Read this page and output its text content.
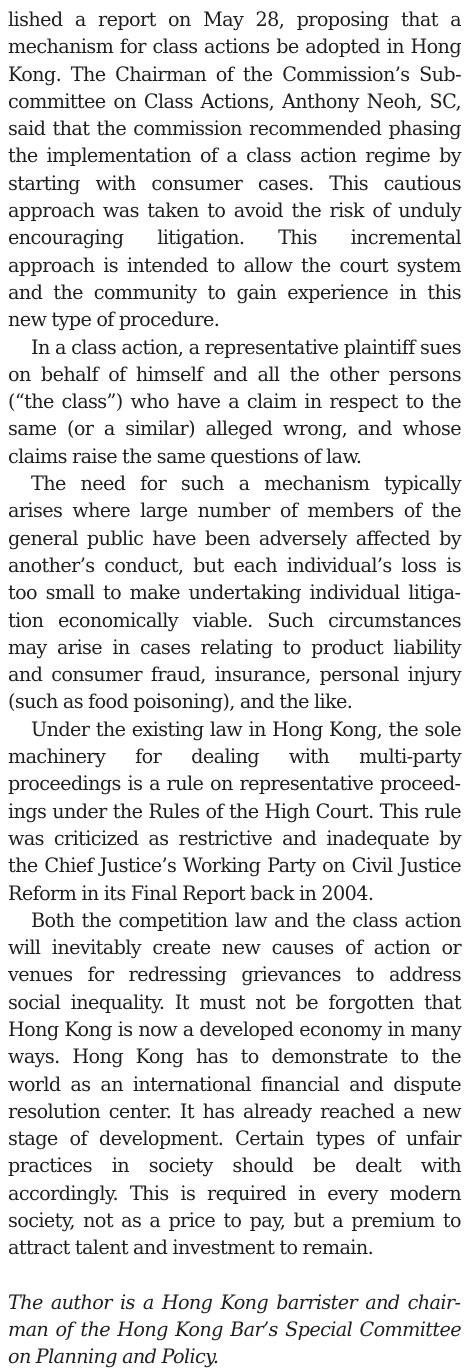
lished a report on May 28, proposing that a mechanism for class actions be adopted in Hong Kong. The Chairman of the Commission’s Sub-committee on Class Actions, Anthony Neoh, SC, said that the commission recommended phasing the implementation of a class action regime by starting with consumer cases. This cautious approach was taken to avoid the risk of unduly encouraging litigation. This incremental approach is intended to allow the court system and the community to gain experience in this new type of procedure.

In a class action, a representative plaintiff sues on behalf of himself and all the other persons (“the class”) who have a claim in respect to the same (or a similar) alleged wrong, and whose claims raise the same questions of law.

The need for such a mechanism typically arises where large number of members of the general public have been adversely affected by another’s conduct, but each individual’s loss is too small to make undertaking individual litigation economically viable. Such circumstances may arise in cases relating to product liability and consumer fraud, insurance, personal injury (such as food poisoning), and the like.

Under the existing law in Hong Kong, the sole machinery for dealing with multi-party proceedings is a rule on representative proceedings under the Rules of the High Court. This rule was criticized as restrictive and inadequate by the Chief Justice’s Working Party on Civil Justice Reform in its Final Report back in 2004.

Both the competition law and the class action will inevitably create new causes of action or venues for redressing grievances to address social inequality. It must not be forgotten that Hong Kong is now a developed economy in many ways. Hong Kong has to demonstrate to the world as an international financial and dispute resolution center. It has already reached a new stage of development. Certain types of unfair practices in society should be dealt with accordingly. This is required in every modern society, not as a price to pay, but a premium to attract talent and investment to remain.

The author is a Hong Kong barrister and chairman of the Hong Kong Bar’s Special Committee on Planning and Policy.
